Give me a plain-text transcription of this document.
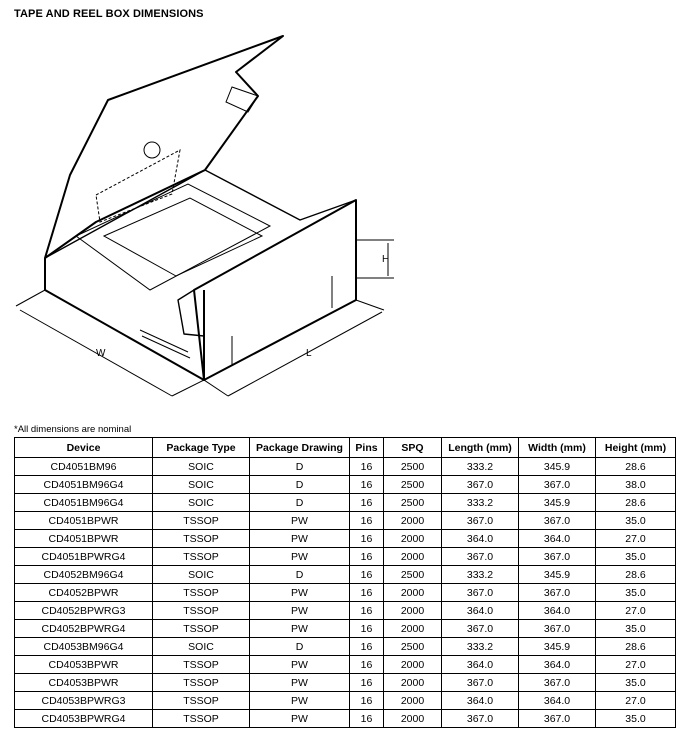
TAPE AND REEL BOX DIMENSIONS
W	L
H
*All dimensions are nominal
Device	Package Type	Package Drawing	Pins	SPQ	Length (mm)	Width (mm)	Height (mm)
CD4051BM96	SOIC	D	16	2500	333.2	345.9	28.6
CD4051BM96G4	SOIC	D	16	2500	367.0	367.0	38.0
CD4051BM96G4	SOIC	D	16	2500	333.2	345.9	28.6
CD4051BPWR	TSSOP	PW	16	2000	367.0	367.0	35.0
CD4051BPWR	TSSOP	PW	16	2000	364.0	364.0	27.0
CD4051BPWRG4	TSSOP	PW	16	2000	367.0	367.0	35.0
CD4052BM96G4	SOIC	D	16	2500	333.2	345.9	28.6
CD4052BPWR	TSSOP	PW	16	2000	367.0	367.0	35.0
CD4052BPWRG3	TSSOP	PW	16	2000	364.0	364.0	27.0
CD4052BPWRG4	TSSOP	PW	16	2000	367.0	367.0	35.0
CD4053BM96G4	SOIC	D	16	2500	333.2	345.9	28.6
CD4053BPWR	TSSOP	PW	16	2000	364.0	364.0	27.0
CD4053BPWR	TSSOP	PW	16	2000	367.0	367.0	35.0
CD4053BPWRG3	TSSOP	PW	16	2000	364.0	364.0	27.0
CD4053BPWRG4	TSSOP	PW	16	2000	367.0	367.0	35.0
